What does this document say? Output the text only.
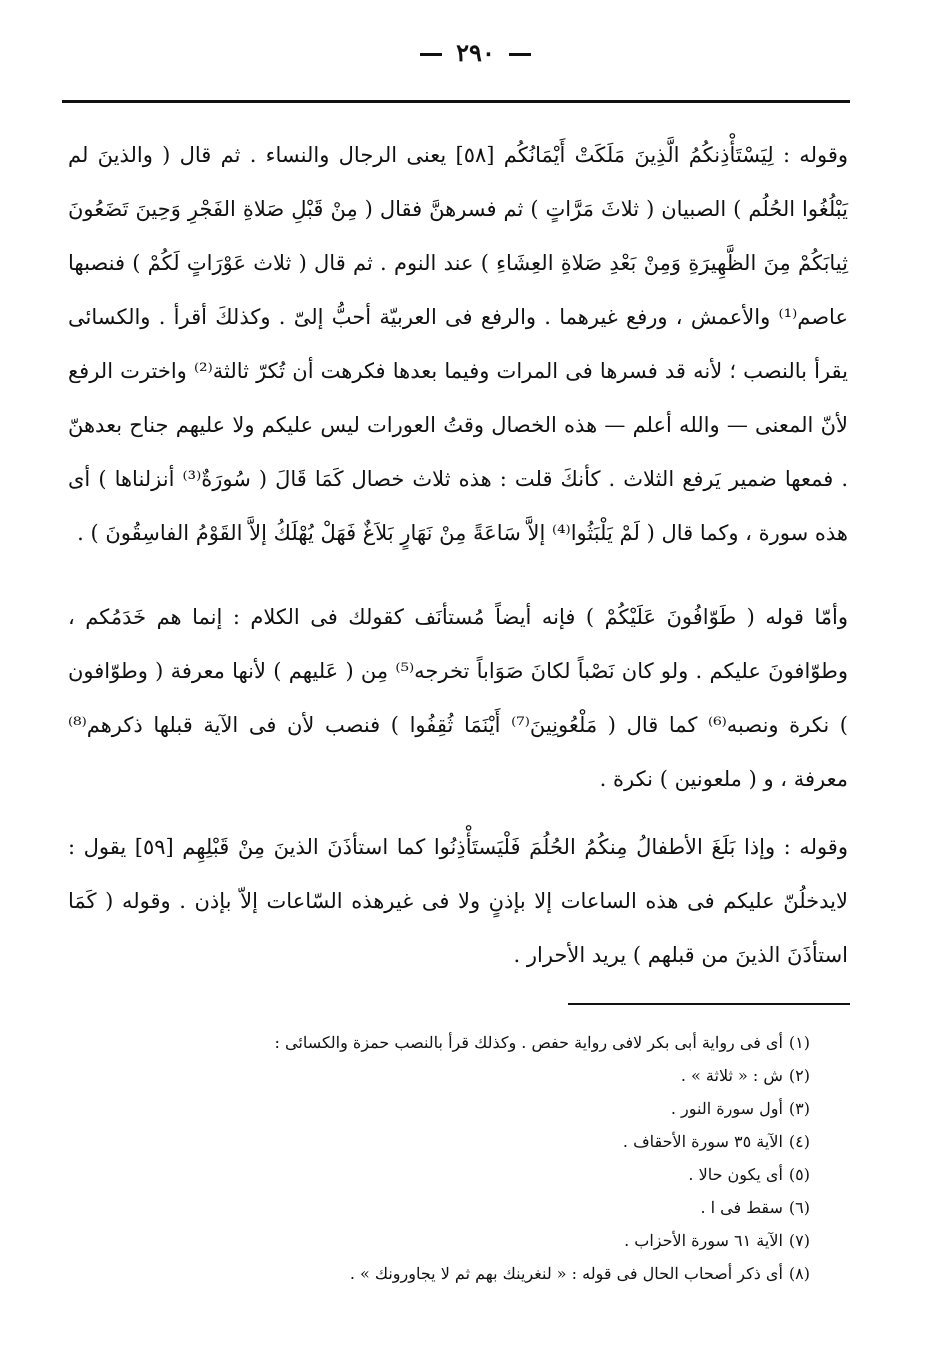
٢٩٠

وقوله : لِيَسْتَأْذِنكُمُ الَّذِينَ مَلَكَتْ أَيْمَانُكُم [٥٨] يعنى الرجال والنساء . ثم قال ( والذينَ لم يَبْلُغُوا الحُلُم ) الصبيان ( ثلاثَ مَرَّاتٍ ) ثم فسرهنَّ فقال ( مِنْ قَبْلِ صَلاةِ الفَجْرِ وَحِينَ تَضَعُونَ ثِيابَكُمْ مِنَ الظَّهِيرَةِ وَمِنْ بَعْدِ صَلاةِ العِشَاءِ ) عند النوم . ثم قال ( ثلاث عَوْرَاتٍ لَكُمْ ) فنصبها عاصم⁽¹⁾ والأعمش ، ورفع غيرهما . والرفع فى العربيّة أحبُّ إلىّ . وكذلكَ أقرأ . والكسائى يقرأ بالنصب ؛ لأنه قد فسرها فى المرات وفيما بعدها فكرهت أن تُكرّ ثالثة⁽²⁾ واخترت الرفع لأنّ المعنى — والله أعلم — هذه الخصال وقتُ العورات ليس عليكم ولا عليهم جناح بعدهنّ . فمعها ضمير يَرفع الثلاث . كأنكَ قلت : هذه ثلاث خصال كَمَا قَالَ ( سُورَةٌ⁽³⁾ أنزلناها ) أى هذه سورة ، وكما قال ( لَمْ يَلْبَثُوا⁽⁴⁾ إلاَّ سَاعَةً مِنْ نَهَارٍ بَلاَغٌ فَهَلْ يُهْلَكُ إلاَّ القَوْمُ الفاسِقُونَ ) .

وأمّا قوله ( طَوّافُونَ عَلَيْكُمْ ) فإنه أيضاً مُستأنَف كقولك فى الكلام : إنما هم خَدَمُكم ، وطوّافونَ عليكم . ولو كان نَصْباً لكانَ صَوَاباً تخرجه⁽⁵⁾ مِن ( عَليهم ) لأنها معرفة ( وطوّافون ) نكرة ونصبه⁽⁶⁾ كما قال ( مَلْعُونِينَ⁽⁷⁾ أَيْنَمَا ثُقِفُوا ) فنصب لأن فى الآية قبلها ذكرهم⁽⁸⁾ معرفة ، و ( ملعونين ) نكرة .

وقوله : وإذا بَلَغَ الأطفالُ مِنكُمُ الحُلُمَ فَلْيَستَأْذِنُوا كما استأذَنَ الذينَ مِنْ قَبْلِهِم [٥٩] يقول : لايدخلُنّ عليكم فى هذه الساعات إلا بإذنٍ ولا فى غيرهذه السّاعات إلاّ بإذن . وقوله ( كَمَا استأذَنَ الذينَ من قبلهم ) يريد الأحرار .

(١)أى فى رواية أبى بكر لافى رواية حفص . وكذلك قرأ بالنصب حمزة والكسائى :
(٢)ش : « ثلاثة » .
(٣)أول سورة النور .
(٤)الآية ٣٥ سورة الأحقاف .
(٥)أى يكون حالا .
(٦)سقط فى ا .
(٧)الآية ٦١ سورة الأحزاب .
(٨)أى ذكر أصحاب الحال فى قوله : « لنغرينك بهم ثم لا يجاورونك » .
